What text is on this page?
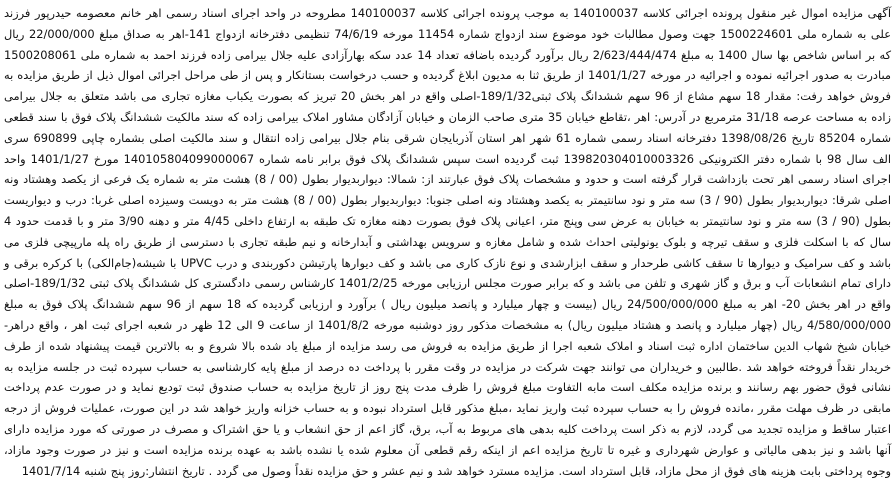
آگهی مزایده اموال غیر منقول پرونده اجرائی کلاسه 140100037 به موجب پرونده اجرائی کلاسه 140100037 مطروحه در واحد اجرای اسناد رسمی اهر خانم معصومه حیدرپور فرزند علی به شماره ملی 1500224601 جهت وصول مطالبات خود موضوع سند ازدواج شماره 11454 مورخه 74/6/19 تنظیمی دفترخانه ازدواج 141-اهر به صداق مبلغ 22/000/000 ریال که بر اساس شاخص بها سال 1400 به مبلغ 2/623/444/474 ریال برآورد گردیده باضافه تعداد 14 عدد سکه بهارآزادی علیه جلال بیرامی زاده فرزند احمد به شماره ملی 1500208061 مبادرت به صدور اجرائیه نموده و اجرائیه در مورخه 1401/1/27 از طریق ثنا به مدیون ابلاغ گردیده و حسب درخواست بستانکار و پس از طی مراحل اجرائی اموال ذیل از طریق مزایده به فروش خواهد رفت: مقدار 18 سهم مشاع از 96 سهم ششدانگ پلاک ثبتی189/1/32-اصلی واقع در اهر بخش 20 تبریز که بصورت یکباب مغازه تجاری می باشد متعلق به جلال بیرامی زاده به مساحت عرصه 31/18 مترمربع در آدرس: اهر ،تقاطع خیابان 35 متری صاحب الزمان و خیابان آزادگان مشاور املاک بیرامی زاده که سند مالکیت ششدانگ پلاک فوق با سند قطعی شماره 85204 تاریخ 1398/08/26 دفترخانه اسناد رسمی شماره 61 شهر اهر استان آذربایجان شرقی بنام جلال بیرامی زاده انتقال و سند مالکیت اصلی بشماره چاپی 690899 سری الف سال 98 با شماره دفتر الکترونیکی 139820304010003326 ثبت گردیده است سپس ششدانگ پلاک فوق برابر نامه شماره 140105804099000067 مورخ 1401/1/27 واحد اجرای اسناد رسمی اهر تحت بازداشت قرار گرفته است و حدود و مشخصات پلاک فوق عبارتند از: شمالا: دیواربدیوار بطول (00 / 8) هشت متر به شماره یک فرعی از یکصد وهشتاد ونه اصلی شرقا: دیواربدیوار بطول (90 / 3) سه متر و نود سانتیمتر به یکصد وهشتاد ونه اصلی جنوبا: دیواربدیوار بطول (00 / 8) هشت متر به دویست وسیزده اصلی غربا: درب و دیواریست بطول (90 / 3) سه متر و نود سانتیمتر به خیابان به عرض سی وپنج متر، اعیانی پلاک فوق بصورت دهنه مغازه تک طبقه به ارتفاع داخلی 4/45 متر و دهنه 3/90 متر و با قدمت حدود 4 سال که با اسکلت فلزی و سقف تیرچه و بلوک یونولیتی احداث شده و شامل مغازه و سرویس بهداشتی و آبدارخانه و نیم طبقه تجاری با دسترسی از طریق راه پله مارپیچی فلزی می باشد و کف سرامیک و دیوارها تا سقف کاشی طرحدار و سقف ابزارشدی و نوع نازک کاری می باشد و کف دیوارها پارتیشن دکوربندی و درب UPVC با شیشه(جام‌الکی) با کرکره برقی و دارای تمام انشعابات آب و برق و گاز شهری و تلفن می باشد و که برابر صورت مجلس ارزیابی مورخه 1401/2/25 کارشناس رسمی دادگستری کل ششدانگ پلاک ثبتی 189/1/32-اصلی واقع در اهر بخش 20- اهر به مبلغ 24/500/000/000 ریال (بیست و چهار میلیارد و پانصد میلیون ریال ) برآورد و ارزیابی گردیده که 18 سهم از 96 سهم ششدانگ پلاک فوق به مبلغ 4/580/000/000 ریال (چهار میلیارد و پانصد و هشتاد میلیون ریال) به مشخصات مذکور روز دوشنبه مورخه 1401/8/2 از ساعت 9 الی 12 ظهر در شعبه اجرای ثبت اهر ، واقع دراهر- خیابان شیخ شهاب الدین ساختمان اداره ثبت اسناد و املاک شعبه اجرا از طریق مزایده به فروش می رسد مزایده از مبلغ یاد شده بالا شروع و به بالاترین قیمت پیشنهاد شده از طرف خریدار نقداً فروخته خواهد شد .طالبین و خریداران می توانند جهت شرکت در مزایده در وقت مقرر با پرداخت ده درصد از مبلغ پایه کارشناسی به حساب سپرده ثبت در جلسه مزایده به نشانی فوق حضور بهم رسانند و برنده مزایده مکلف است مابه التفاوت مبلغ فروش را ظرف مدت پنج روز از تاریخ مزایده به حساب صندوق ثبت تودیع نماید و در صورت عدم پرداخت مابقی در ظرف مهلت مقرر ،مانده فروش را به حساب سپرده ثبت واریز نماید ،مبلغ مذکور قابل استرداد نبوده و به حساب خزانه واریز خواهد شد در این صورت، عملیات فروش از درجه اعتبار ساقط و مزایده تجدید می گردد، لازم به ذکر است پرداخت کلیه بدهی های مربوط به آب، برق، گاز اعم از حق انشعاب و یا حق اشتراک و مصرف در صورتی که مورد مزایده دارای آنها باشد و نیز بدهی مالیاتی و عوارض شهرداری و غیره تا تاریخ مزایده اعم از اینکه رقم قطعی آن معلوم شده یا نشده باشد به عهده برنده مزایده است و نیز در صورت وجود مازاد، وجوه پرداختی بابت هزینه های فوق از محل مازاد، قابل استرداد است. مزایده مسترد خواهد شد و نیم عشر و حق مزایده نقداً وصول می گردد . تاریخ انتشار:روز پنج شنبه 1401/7/14
